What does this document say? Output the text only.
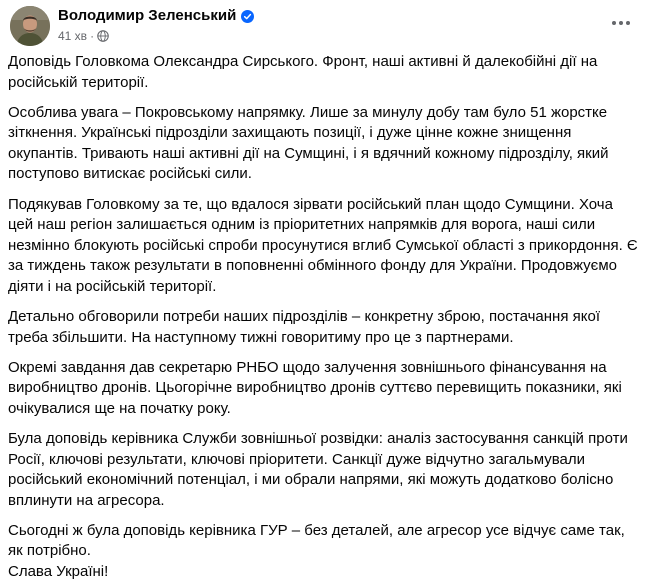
Володимир Зеленський
41 хв ·

Доповідь Головкома Олександра Сирського. Фронт, наші активні й далекобійні дії на російській території.

Особлива увага – Покровському напрямку. Лише за минулу добу там було 51 жорстке зіткнення. Українські підрозділи захищають позиції, і дуже цінне кожне знищення окупантів. Тривають наші активні дії на Сумщині, і я вдячний кожному підрозділу, який поступово витискає російські сили.

Подякував Головкому за те, що вдалося зірвати російський план щодо Сумщини. Хоча цей наш регіон залишається одним із пріоритетних напрямків для ворога, наші сили незмінно блокують російські спроби просунутися вглиб Сумської області з прикордоння. Є за тиждень також результати в поповненні обмінного фонду для України. Продовжуємо діяти і на російській території.

Детально обговорили потреби наших підрозділів – конкретну зброю, постачання якої треба збільшити. На наступному тижні говоритиму про це з партнерами.

Окремі завдання дав секретарю РНБО щодо залучення зовнішнього фінансування на виробництво дронів. Цьогорічне виробництво дронів суттєво перевищить показники, які очікувалися ще на початку року.

Була доповідь керівника Служби зовнішньої розвідки: аналіз застосування санкцій проти Росії, ключові результати, ключові пріоритети. Санкції дуже відчутно загальмували російський економічний потенціал, і ми обрали напрями, які можуть додатково болісно вплинути на агресора.

Сьогодні ж була доповідь керівника ГУР – без деталей, але агресор усе відчує саме так, як потрібно.

Слава Україні!
